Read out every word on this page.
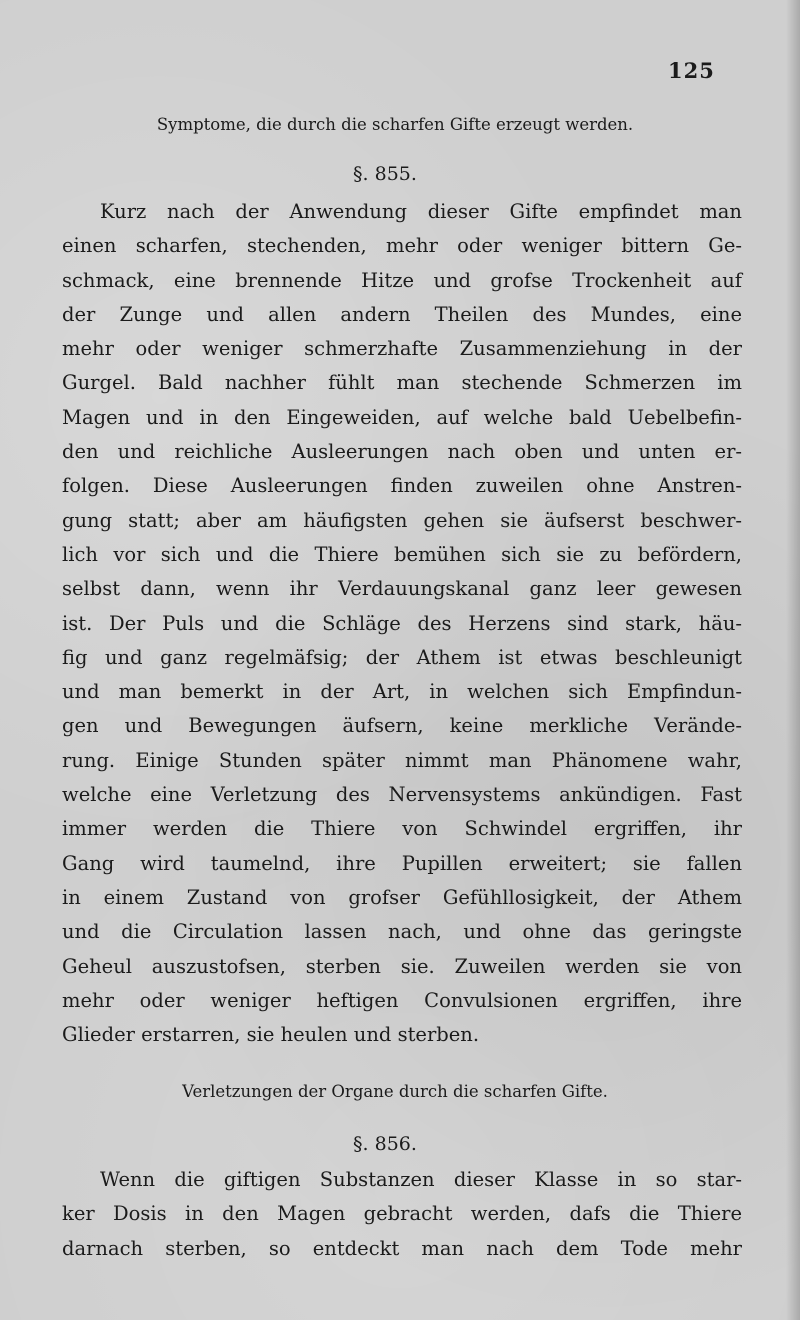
125
Symptome, die durch die scharfen Gifte erzeugt werden.
§. 855.
Kurz nach der Anwendung dieser Gifte empfindet man
einen scharfen, stechenden, mehr oder weniger bittern Ge-
schmack, eine brennende Hitze und grofse Trockenheit auf
der Zunge und allen andern Theilen des Mundes, eine
mehr oder weniger schmerzhafte Zusammenziehung in der
Gurgel. Bald nachher fühlt man stechende Schmerzen im
Magen und in den Eingeweiden, auf welche bald Uebelbefin-
den und reichliche Ausleerungen nach oben und unten er-
folgen. Diese Ausleerungen finden zuweilen ohne Anstren-
gung statt; aber am häufigsten gehen sie äufserst beschwer-
lich vor sich und die Thiere bemühen sich sie zu befördern,
selbst dann, wenn ihr Verdauungskanal ganz leer gewesen
ist. Der Puls und die Schläge des Herzens sind stark, häu-
fig und ganz regelmäfsig; der Athem ist etwas beschleunigt
und man bemerkt in der Art, in welchen sich Empfindun-
gen und Bewegungen äufsern, keine merkliche Verände-
rung. Einige Stunden später nimmt man Phänomene wahr,
welche eine Verletzung des Nervensystems ankündigen. Fast
immer werden die Thiere von Schwindel ergriffen, ihr
Gang wird taumelnd, ihre Pupillen erweitert; sie fallen
in einem Zustand von grofser Gefühllosigkeit, der Athem
und die Circulation lassen nach, und ohne das geringste
Geheul auszustofsen, sterben sie. Zuweilen werden sie von
mehr oder weniger heftigen Convulsionen ergriffen, ihre
Glieder erstarren, sie heulen und sterben.
Verletzungen der Organe durch die scharfen Gifte.
§. 856.
Wenn die giftigen Substanzen dieser Klasse in so star-
ker Dosis in den Magen gebracht werden, dafs die Thiere
darnach sterben, so entdeckt man nach dem Tode mehr
